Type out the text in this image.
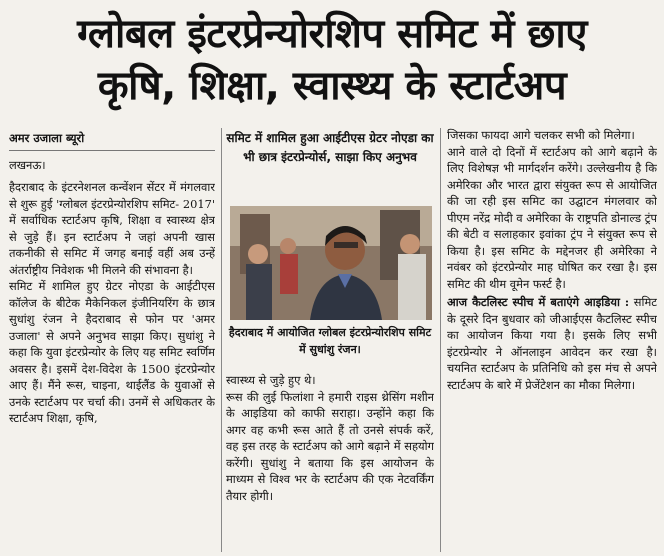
ग्लोबल इंटरप्रेन्योरशिप समिट में छाए
कृषि, शिक्षा, स्वास्थ्य के स्टार्टअप

अमर उजाला ब्यूरो

लखनऊ।

हैदराबाद के इंटरनेशनल कन्वेंशन सेंटर में मंगलवार से शुरू हुई 'ग्लोबल इंटरप्रेन्योरशिप समिट- 2017' में सर्वाधिक स्टार्टअप कृषि, शिक्षा व स्वास्थ्य क्षेत्र से जुड़े हैं। इन स्टार्टअप ने जहां अपनी खास तकनीकी से समिट में जगह बनाई वहीं अब उन्हें अंतर्राष्ट्रीय निवेशक भी मिलने की संभावना है।

समिट में शामिल हुए ग्रेटर नोएडा के आईटीएस कॉलेज के बीटेक मैकेनिकल इंजीनियरिंग के छात्र सुधांशु रंजन ने हैदराबाद से फोन पर 'अमर उजाला' से अपने अनुभव साझा किए। सुधांशु ने कहा कि युवा इंटरप्रेन्योर के लिए यह समिट स्वर्णिम अवसर है। इसमें देश-विदेश के 1500 इंटरप्रेन्योर आए हैं। मैंने रूस, चाइना, थाईलैंड के युवाओं से उनके स्टार्टअप पर चर्चा की। उनमें से अधिकतर के स्टार्टअप शिक्षा, कृषि,

समिट में शामिल हुआ आईटीएस ग्रेटर नोएडा का भी छात्र इंटरप्रेन्योर्स, साझा किए अनुभव
हैदराबाद में आयोजित ग्लोबल इंटरप्रेन्योरशिप समिट में सुधांशु रंजन।

स्वास्थ्य से जुड़े हुए थे।

रूस की लुई फिलांशा ने हमारी राइस थ्रेसिंग मशीन के आइडिया को काफी सराहा। उन्होंने कहा कि अगर वह कभी रूस आते हैं तो उनसे संपर्क करें, वह इस तरह के स्टार्टअप को आगे बढ़ाने में सहयोग करेंगी। सुधांशु ने बताया कि इस आयोजन के माध्यम से विश्व भर के स्टार्टअप की एक नेटवर्किंग तैयार होगी।

जिसका फायदा आगे चलकर सभी को मिलेगा।

आने वाले दो दिनों में स्टार्टअप को आगे बढ़ाने के लिए विशेषज्ञ भी मार्गदर्शन करेंगे। उल्लेखनीय है कि अमेरिका और भारत द्वारा संयुक्त रूप से आयोजित की जा रही इस समिट का उद्घाटन मंगलवार को पीएम नरेंद्र मोदी व अमेरिका के राष्ट्रपति डोनाल्ड ट्रंप की बेटी व सलाहकार इवांका ट्रंप ने संयुक्त रूप से किया है। इस समिट के मद्देनजर ही अमेरिका ने नवंबर को इंटरप्रेन्योर माह घोषित कर रखा है। इस समिट की थीम वूमेन फर्स्ट है।

आज कैटलिस्ट स्पीच में बताएंगे आइडिया : समिट के दूसरे दिन बुधवार को जीआईएस कैटलिस्ट स्पीच का आयोजन किया गया है। इसके लिए सभी इंटरप्रेन्योर ने ऑनलाइन आवेदन कर रखा है। चयनित स्टार्टअप के प्रतिनिधि को इस मंच से अपने स्टार्टअप के बारे में प्रेजेंटेशन का मौका मिलेगा।
